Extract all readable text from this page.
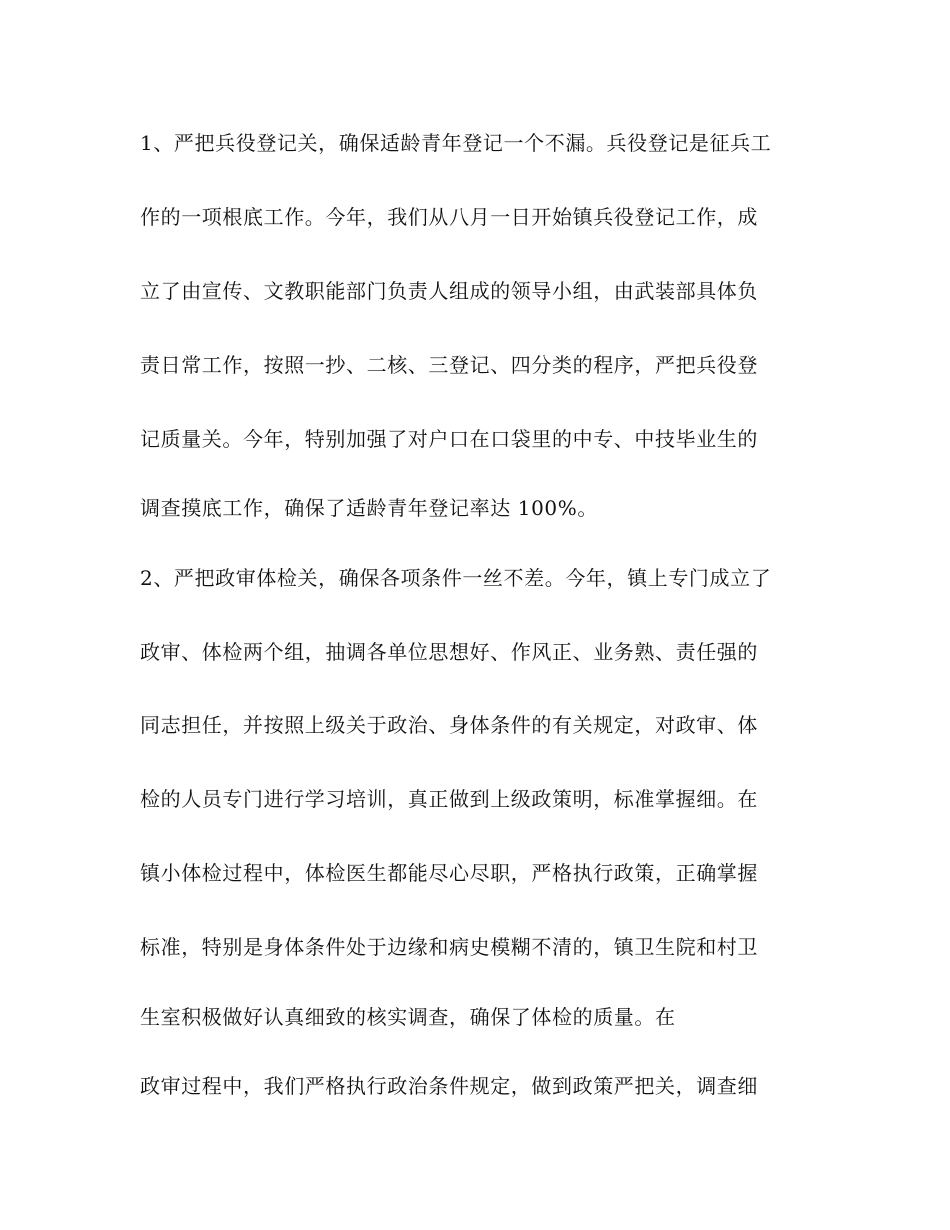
1、严把兵役登记关，确保适龄青年登记一个不漏。兵役登记是征兵工
作的一项根底工作。今年，我们从八月一日开始镇兵役登记工作，成
立了由宣传、文教职能部门负责人组成的领导小组，由武装部具体负
责日常工作，按照一抄、二核、三登记、四分类的程序，严把兵役登
记质量关。今年，特别加强了对户口在口袋里的中专、中技毕业生的
调查摸底工作，确保了适龄青年登记率达 100%。
2、严把政审体检关，确保各项条件一丝不差。今年，镇上专门成立了
政审、体检两个组，抽调各单位思想好、作风正、业务熟、责任强的
同志担任，并按照上级关于政治、身体条件的有关规定，对政审、体
检的人员专门进行学习培训，真正做到上级政策明，标准掌握细。在
镇小体检过程中，体检医生都能尽心尽职，严格执行政策，正确掌握
标准，特别是身体条件处于边缘和病史模糊不清的，镇卫生院和村卫
生室积极做好认真细致的核实调查，确保了体检的质量。在
政审过程中，我们严格执行政治条件规定，做到政策严把关，调查细
